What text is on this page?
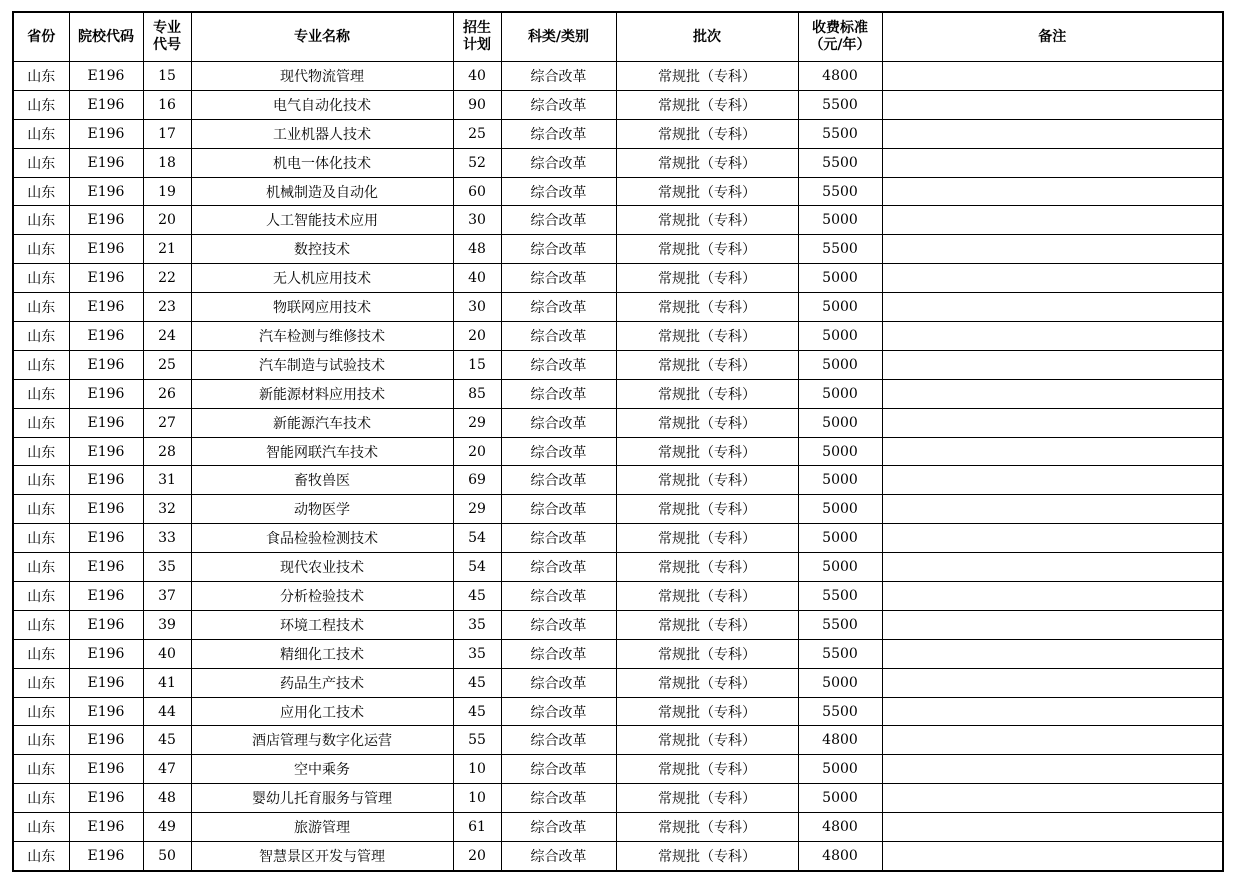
省份	院校代码	专业代号	专业名称	招生计划	科类/类别	批次	收费标准（元/年）	备注
山东	E196	15	现代物流管理	40	综合改革	常规批（专科）	4800	
山东	E196	16	电气自动化技术	90	综合改革	常规批（专科）	5500	
山东	E196	17	工业机器人技术	25	综合改革	常规批（专科）	5500	
山东	E196	18	机电一体化技术	52	综合改革	常规批（专科）	5500	
山东	E196	19	机械制造及自动化	60	综合改革	常规批（专科）	5500	
山东	E196	20	人工智能技术应用	30	综合改革	常规批（专科）	5000	
山东	E196	21	数控技术	48	综合改革	常规批（专科）	5500	
山东	E196	22	无人机应用技术	40	综合改革	常规批（专科）	5000	
山东	E196	23	物联网应用技术	30	综合改革	常规批（专科）	5000	
山东	E196	24	汽车检测与维修技术	20	综合改革	常规批（专科）	5000	
山东	E196	25	汽车制造与试验技术	15	综合改革	常规批（专科）	5000	
山东	E196	26	新能源材料应用技术	85	综合改革	常规批（专科）	5000	
山东	E196	27	新能源汽车技术	29	综合改革	常规批（专科）	5000	
山东	E196	28	智能网联汽车技术	20	综合改革	常规批（专科）	5000	
山东	E196	31	畜牧兽医	69	综合改革	常规批（专科）	5000	
山东	E196	32	动物医学	29	综合改革	常规批（专科）	5000	
山东	E196	33	食品检验检测技术	54	综合改革	常规批（专科）	5000	
山东	E196	35	现代农业技术	54	综合改革	常规批（专科）	5000	
山东	E196	37	分析检验技术	45	综合改革	常规批（专科）	5500	
山东	E196	39	环境工程技术	35	综合改革	常规批（专科）	5500	
山东	E196	40	精细化工技术	35	综合改革	常规批（专科）	5500	
山东	E196	41	药品生产技术	45	综合改革	常规批（专科）	5000	
山东	E196	44	应用化工技术	45	综合改革	常规批（专科）	5500	
山东	E196	45	酒店管理与数字化运营	55	综合改革	常规批（专科）	4800	
山东	E196	47	空中乘务	10	综合改革	常规批（专科）	5000	
山东	E196	48	婴幼儿托育服务与管理	10	综合改革	常规批（专科）	5000	
山东	E196	49	旅游管理	61	综合改革	常规批（专科）	4800	
山东	E196	50	智慧景区开发与管理	20	综合改革	常规批（专科）	4800	
